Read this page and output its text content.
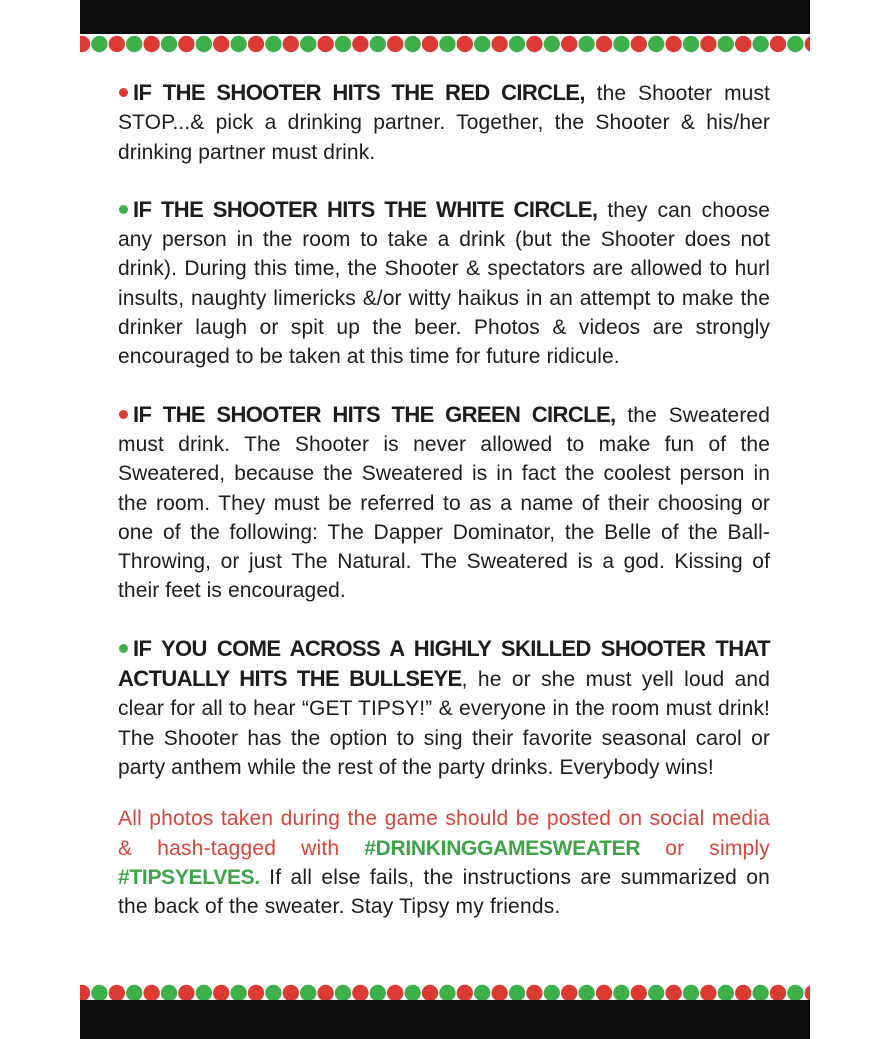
IF THE SHOOTER HITS THE RED CIRCLE, the Shooter must STOP...& pick a drinking partner. Together, the Shooter & his/her drinking partner must drink.

IF THE SHOOTER HITS THE WHITE CIRCLE, they can choose any person in the room to take a drink (but the Shooter does not drink). During this time, the Shooter & spectators are allowed to hurl insults, naughty limericks &/or witty haikus in an attempt to make the drinker laugh or spit up the beer. Photos & videos are strongly encouraged to be taken at this time for future ridicule.

IF THE SHOOTER HITS THE GREEN CIRCLE, the Sweatered must drink. The Shooter is never allowed to make fun of the Sweatered, because the Sweatered is in fact the coolest person in the room. They must be referred to as a name of their choosing or one of the following: The Dapper Dominator, the Belle of the Ball-Throwing, or just The Natural. The Sweatered is a god. Kissing of their feet is encouraged.

IF YOU COME ACROSS A HIGHLY SKILLED SHOOTER THAT ACTUALLY HITS THE BULLSEYE, he or she must yell loud and clear for all to hear “GET TIPSY!” & everyone in the room must drink! The Shooter has the option to sing their favorite seasonal carol or party anthem while the rest of the party drinks. Everybody wins!

All photos taken during the game should be posted on social media & hash-tagged with #DRINKINGGAMESWEATER or simply #TIPSYELVES. If all else fails, the instructions are summarized on the back of the sweater. Stay Tipsy my friends.
